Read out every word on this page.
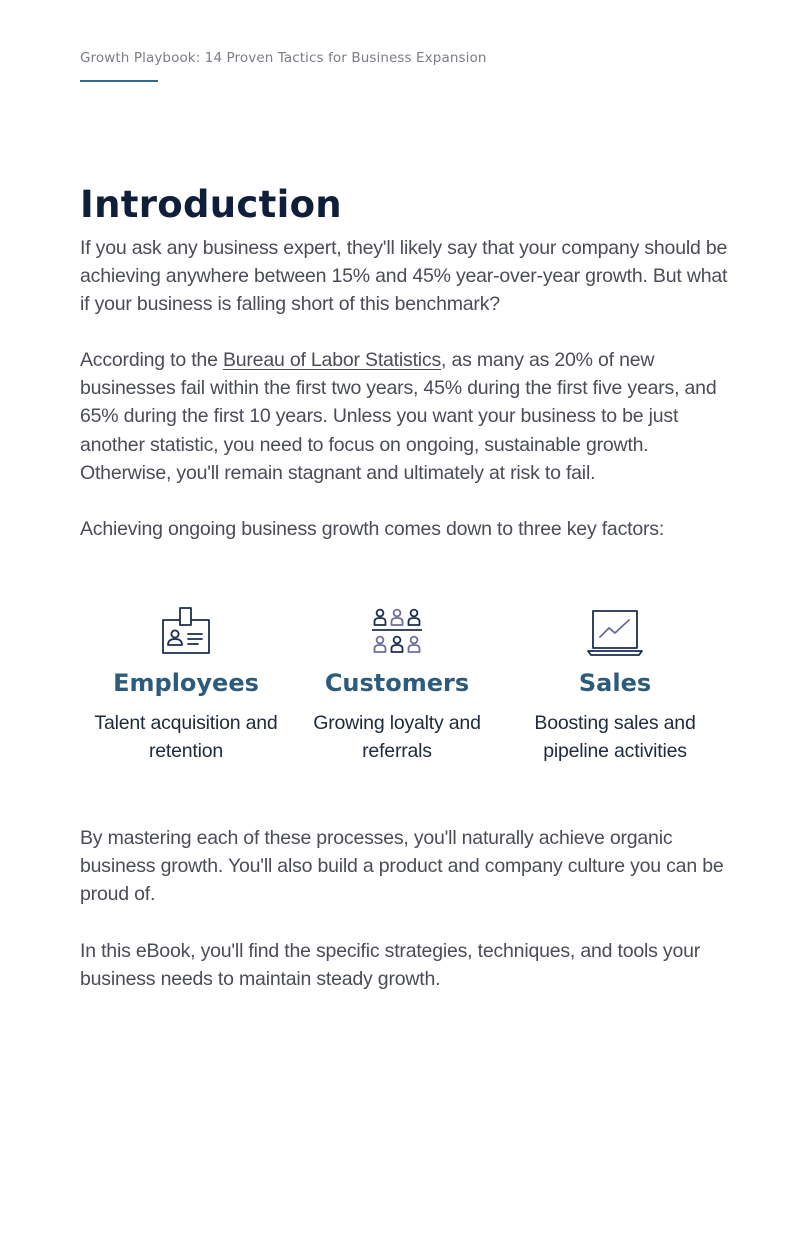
Growth Playbook: 14 Proven Tactics for Business Expansion
Introduction

If you ask any business expert, they'll likely say that your company should be achieving anywhere between 15% and 45% year-over-year growth. But what if your business is falling short of this benchmark?

According to the Bureau of Labor Statistics, as many as 20% of new businesses fail within the first two years, 45% during the first five years, and 65% during the first 10 years. Unless you want your business to be just another statistic, you need to focus on ongoing, sustainable growth. Otherwise, you'll remain stagnant and ultimately at risk to fail.

Achieving ongoing business growth comes down to three key factors:

Employees
Talent acquisition and retention
Customers
Growing loyalty and referrals
Sales
Boosting sales and pipeline activities

By mastering each of these processes, you'll naturally achieve organic business growth. You'll also build a product and company culture you can be proud of.

In this eBook, you'll find the specific strategies, techniques, and tools your business needs to maintain steady growth.
